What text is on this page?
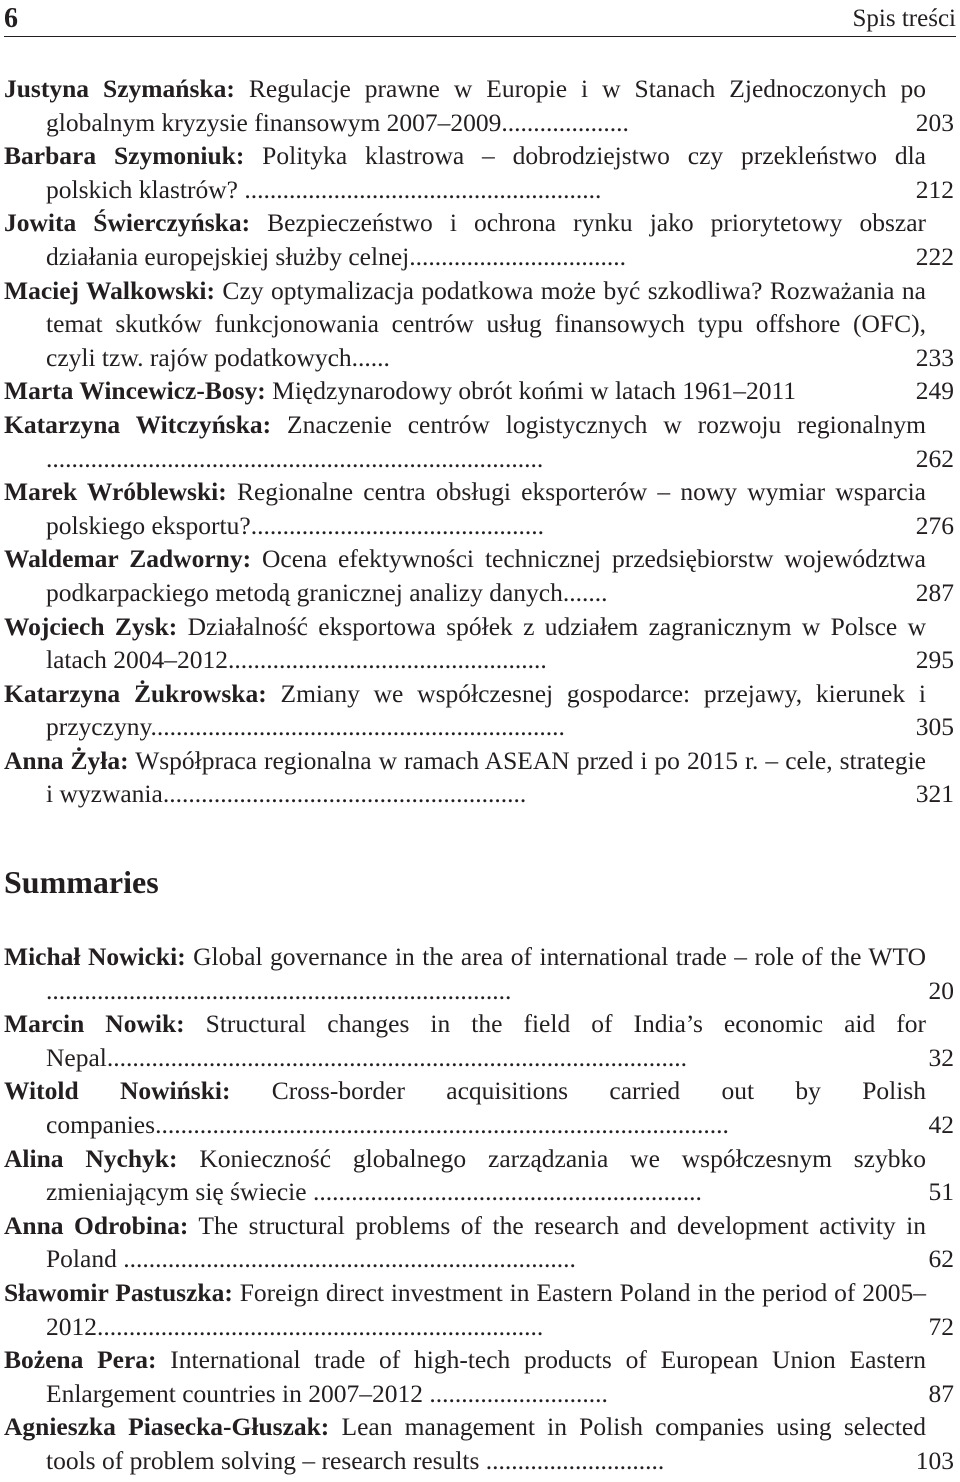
6	Spis treści
Justyna Szymańska: Regulacje prawne w Europie i w Stanach Zjednoczonych po globalnym kryzysie finansowym 2007–2009....................	203
Barbara Szymoniuk: Polityka klastrowa – dobrodziejstwo czy przekleństwo dla polskich klastrów? ........................................................	212
Jowita Świerczyńska: Bezpieczeństwo i ochrona rynku jako priorytetowy obszar działania europejskiej służby celnej..................................	222
Maciej Walkowski: Czy optymalizacja podatkowa może być szkodliwa? Rozważania na temat skutków funkcjonowania centrów usług finansowych typu offshore (OFC), czyli tzw. rajów podatkowych......	233
Marta Wincewicz-Bosy: Międzynarodowy obrót końmi w latach 1961–2011	249
Katarzyna Witczyńska: Znaczenie centrów logistycznych w rozwoju regionalnym ..............................................................................	262
Marek Wróblewski: Regionalne centra obsługi eksporterów – nowy wymiar wsparcia polskiego eksportu?..............................................	276
Waldemar Zadworny: Ocena efektywności technicznej przedsiębiorstw województwa podkarpackiego metodą granicznej analizy danych.......	287
Wojciech Zysk: Działalność eksportowa spółek z udziałem zagranicznym w Polsce w latach 2004–2012..................................................	295
Katarzyna Żukrowska: Zmiany we współczesnej gospodarce: przejawy, kierunek i przyczyny.................................................................	305
Anna Żyła: Współpraca regionalna w ramach ASEAN przed i po 2015 r. – cele, strategie i wyzwania.........................................................	321
Summaries
Michał Nowicki: Global governance in the area of international trade – role of the WTO .........................................................................	20
Marcin Nowik: Structural changes in the field of India’s economic aid for Nepal...........................................................................................	32
Witold Nowiński: Cross-border acquisitions carried out by Polish companies..........................................................................................	42
Alina Nychyk: Konieczność globalnego zarządzania we współczesnym szybko zmieniającym się świecie .............................................................	51
Anna Odrobina: The structural problems of the research and development activity in Poland .......................................................................	62
Sławomir Pastuszka: Foreign direct investment in Eastern Poland in the period of 2005–2012......................................................................	72
Bożena Pera: International trade of high-tech products of European Union Eastern Enlargement countries in 2007–2012 ............................	87
Agnieszka Piasecka-Głuszak: Lean management in Polish companies using selected tools of problem solving – research results ............................	103
